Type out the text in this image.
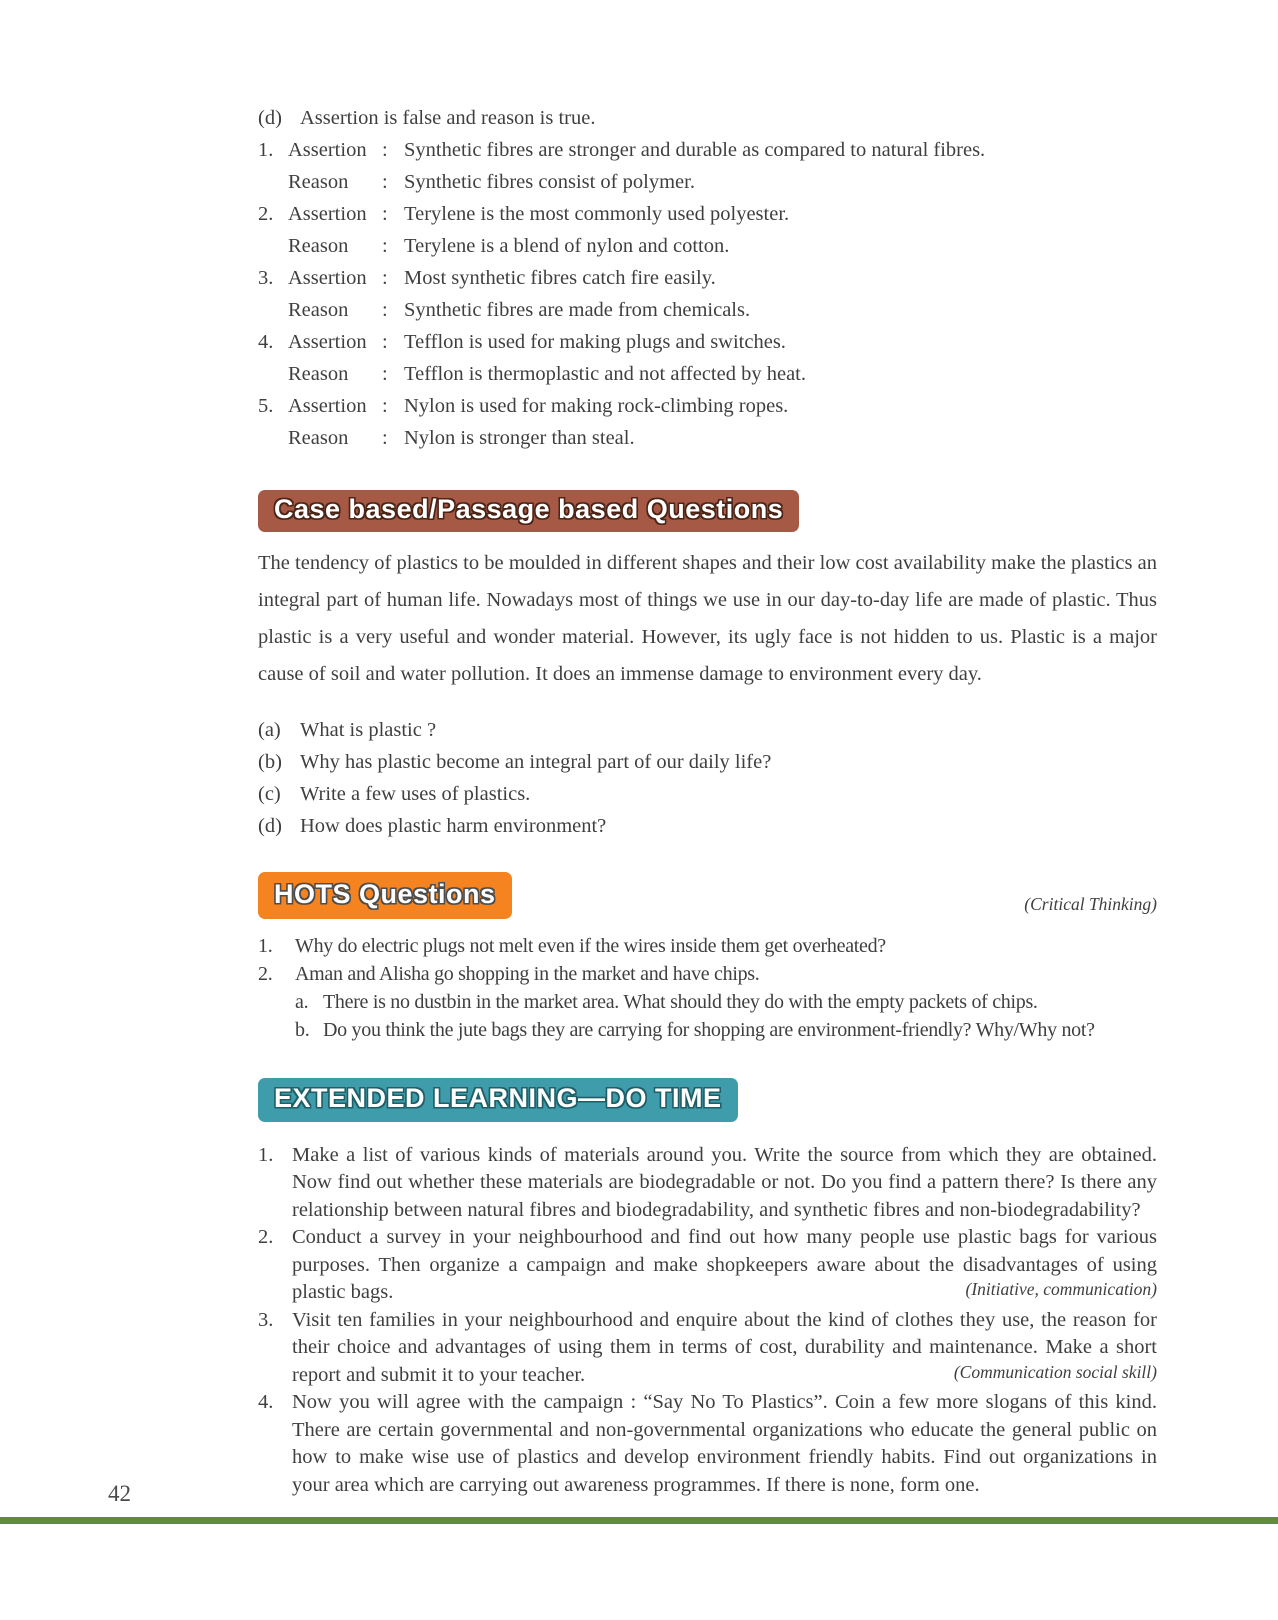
(d) Assertion is false and reason is true.
1. Assertion : Synthetic fibres are stronger and durable as compared to natural fibres.
Reason	: Synthetic fibres consist of polymer.
2. Assertion : Terylene is the most commonly used polyester.
Reason	: Terylene is a blend of nylon and cotton.
3. Assertion : Most synthetic fibres catch fire easily.
Reason	: Synthetic fibres are made from chemicals.
4. Assertion : Tefflon is used for making plugs and switches.
Reason	: Tefflon is thermoplastic and not affected by heat.
5. Assertion : Nylon is used for making rock-climbing ropes.
Reason	: Nylon is stronger than steal.
Case based/Passage based Questions

The tendency of plastics to be moulded in different shapes and their low cost availability make the plastics an integral part of human life. Nowadays most of things we use in our day-to-day life are made of plastic. Thus plastic is a very useful and wonder material. However, its ugly face is not hidden to us. Plastic is a major cause of soil and water pollution. It does an immense damage to environment every day.

(a) What is plastic ?
(b) Why has plastic become an integral part of our daily life?
(c) Write a few uses of plastics.
(d) How does plastic harm environment?
HOTS Questions	(Critical Thinking)
1.	Why do electric plugs not melt even if the wires inside them get overheated?
2.	Aman and Alisha go shopping in the market and have chips.
a. There is no dustbin in the market area. What should they do with the empty packets of chips.
b. Do you think the jute bags they are carrying for shopping are environment-friendly? Why/Why not?
EXTENDED LEARNING—DO TIME
1. Make a list of various kinds of materials around you. Write the source from which they are obtained. Now find out whether these materials are biodegradable or not. Do you find a pattern there? Is there any relationship between natural fibres and biodegradability, and synthetic fibres and non-biodegradability?
2. Conduct a survey in your neighbourhood and find out how many people use plastic bags for various purposes. Then organize a campaign and make shopkeepers aware about the disadvantages of using plastic bags.	(Initiative, communication)
3. Visit ten families in your neighbourhood and enquire about the kind of clothes they use, the reason for their choice and advantages of using them in terms of cost, durability and maintenance. Make a short report and submit it to your teacher.	(Communication social skill)
4. Now you will agree with the campaign : “Say No To Plastics”. Coin a few more slogans of this kind. There are certain governmental and non-governmental organizations who educate the general public on how to make wise use of plastics and develop environment friendly habits. Find out organizations in your area which are carrying out awareness programmes. If there is none, form one.
42
